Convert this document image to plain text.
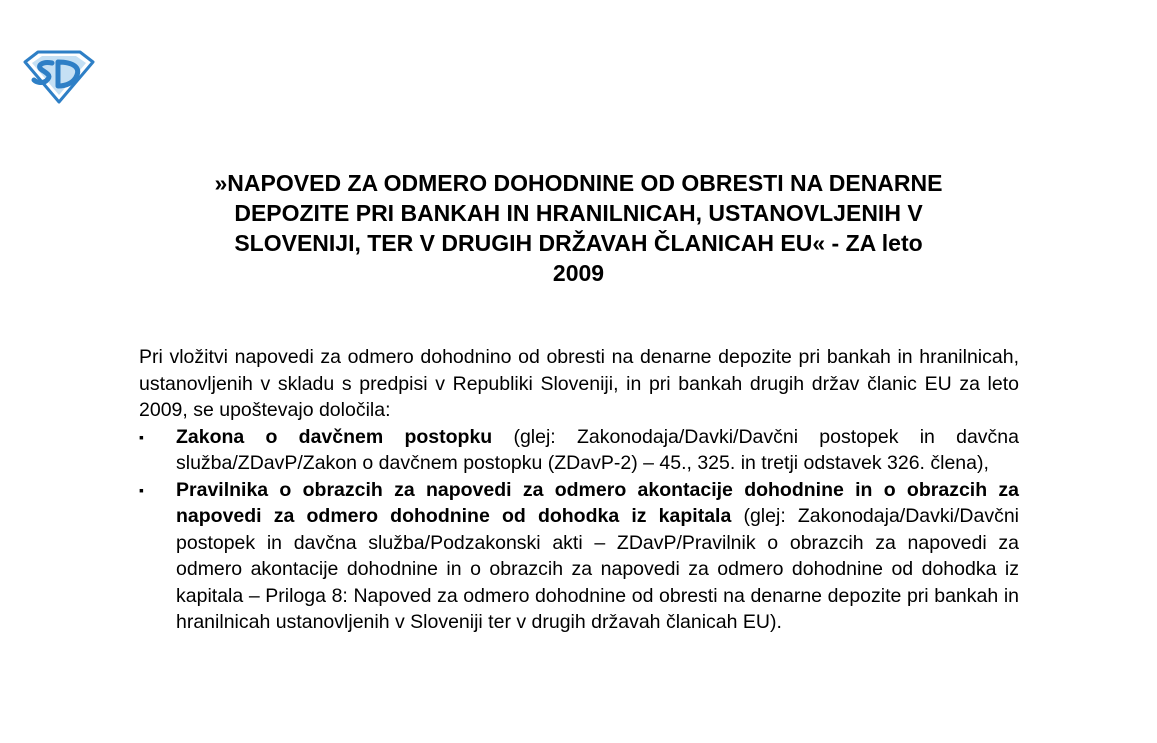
»NAPOVED ZA ODMERO DOHODNINE OD OBRESTI NA DENARNE
DEPOZITE PRI BANKAH IN HRANILNICAH, USTANOVLJENIH V
SLOVENIJI, TER V DRUGIH DRŽAVAH ČLANICAH EU« - ZA leto
2009

Pri vložitvi napovedi za odmero dohodnino od obresti na denarne depozite pri bankah in hranilnicah, ustanovljenih v skladu s predpisi v Republiki Sloveniji, in pri bankah drugih držav članic EU za leto 2009, se upoštevajo določila:

▪ Zakona o davčnem postopku (glej: Zakonodaja/Davki/Davčni postopek in davčna služba/ZDavP/Zakon o davčnem postopku (ZDavP-2) – 45., 325. in tretji odstavek 326. člena),
▪ Pravilnika o obrazcih za napovedi za odmero akontacije dohodnine in o obrazcih za napovedi za odmero dohodnine od dohodka iz kapitala (glej: Zakonodaja/Davki/Davčni postopek in davčna služba/Podzakonski akti – ZDavP/Pravilnik o obrazcih za napovedi za odmero akontacije dohodnine in o obrazcih za napovedi za odmero dohodnine od dohodka iz kapitala – Priloga 8: Napoved za odmero dohodnine od obresti na denarne depozite pri bankah in hranilnicah ustanovljenih v Sloveniji ter v drugih državah članicah EU).
